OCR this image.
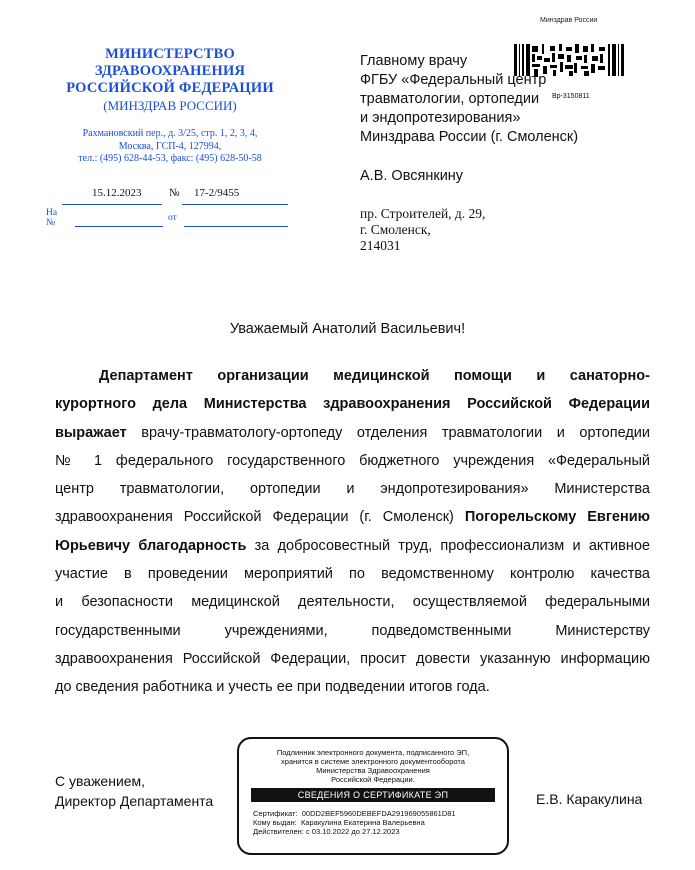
Минздрав России
МИНИСТЕРСТВО
ЗДРАВООХРАНЕНИЯ
РОССИЙСКОЙ ФЕДЕРАЦИИ
(МИНЗДРАВ РОССИИ)
Рахмановский пер., д. 3/25, стр. 1, 2, 3, 4,
Москва, ГСП-4, 127994,
тел.: (495) 628-44-53, факс: (495) 628-50-58
15.12.2023	№ 17-2/9455
На №	от
Вр-3150811
Главному врачу
ФГБУ «Федеральный центр
травматологии, ортопедии
и эндопротезирования»
Минздрава России (г. Смоленск)
А.В. Овсянкину
пр. Строителей, д. 29,
г. Смоленск,
214031
Уважаемый Анатолий Васильевич!
Департамент организации медицинской помощи и санаторно-
курортного дела Министерства здравоохранения Российской Федерации
выражает врачу-травматологу-ортопеду отделения травматологии и ортопедии
№ 1 федерального государственного бюджетного учреждения «Федеральный
центр травматологии, ортопедии и эндопротезирования» Министерства
здравоохранения Российской Федерации (г. Смоленск) Погорельскому Евгению
Юрьевичу благодарность за добросовестный труд, профессионализм и активное
участие в проведении мероприятий по ведомственному контролю качества
и безопасности медицинской деятельности, осуществляемой федеральными
государственными учреждениями, подведомственными Министерству
здравоохранения Российской Федерации, просит довести указанную информацию
до сведения работника и учесть ее при подведении итогов года.
С уважением,
Директор Департамента	Е.В. Каракулина
Подлинник электронного документа, подписанного ЭП,
хранится в системе электронного документооборота
Министерства Здравоохранения
Российской Федерации.
СВЕДЕНИЯ О СЕРТИФИКАТЕ ЭП
Сертификат: 00DD2BEF5960DEBEFDA291969055861D81
Кому выдан: Каракулина Екатерина Валерьевна
Действителен: с 03.10.2022 до 27.12.2023
